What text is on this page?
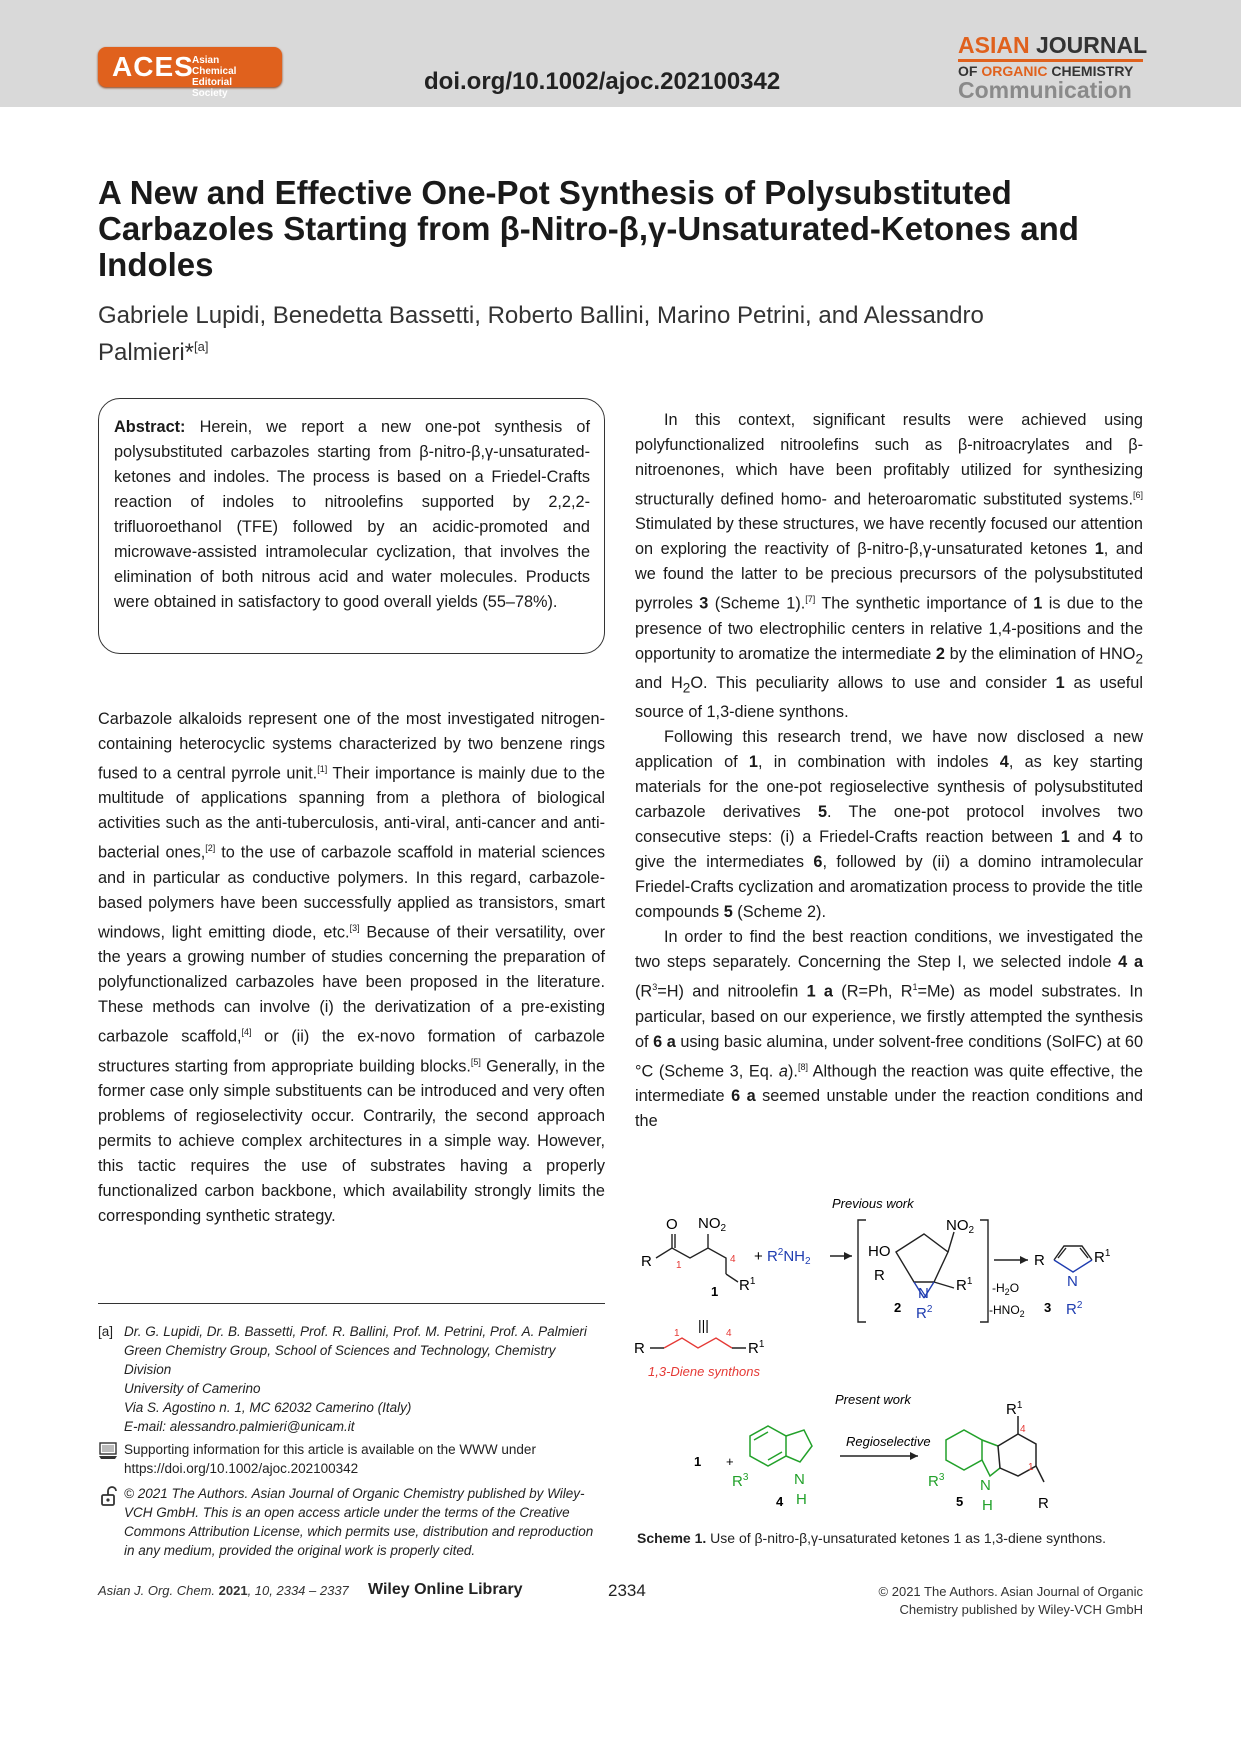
ACES
Asian Chemical Editorial Society	doi.org/10.1002/ajoc.202100342
ASIAN JOURNAL
OF ORGANIC CHEMISTRY
Communication
A New and Effective One-Pot Synthesis of Polysubstituted Carbazoles Starting from β-Nitro-β,γ-Unsaturated-Ketones and Indoles
Gabriele Lupidi, Benedetta Bassetti, Roberto Ballini, Marino Petrini, and Alessandro Palmieri*[a]

Abstract: Herein, we report a new one-pot synthesis of polysubstituted carbazoles starting from β-nitro-β,γ-unsaturated-ketones and indoles. The process is based on a Friedel-Crafts reaction of indoles to nitroolefins supported by 2,2,2-trifluoroethanol (TFE) followed by an acidic-promoted and microwave-assisted intramolecular cyclization, that involves the elimination of both nitrous acid and water molecules. Products were obtained in satisfactory to good overall yields (55–78%).

Carbazole alkaloids represent one of the most investigated nitrogen-containing heterocyclic systems characterized by two benzene rings fused to a central pyrrole unit.[1] Their importance is mainly due to the multitude of applications spanning from a plethora of biological activities such as the anti-tuberculosis, anti-viral, anti-cancer and anti-bacterial ones,[2] to the use of carbazole scaffold in material sciences and in particular as conductive polymers. In this regard, carbazole-based polymers have been successfully applied as transistors, smart windows, light emitting diode, etc.[3] Because of their versatility, over the years a growing number of studies concerning the preparation of polyfunctionalized carbazoles have been proposed in the literature. These methods can involve (i) the derivatization of a pre-existing carbazole scaffold,[4] or (ii) the ex-novo formation of carbazole structures starting from appropriate building blocks.[5] Generally, in the former case only simple substituents can be introduced and very often problems of regioselectivity occur. Contrarily, the second approach permits to achieve complex architectures in a simple way. However, this tactic requires the use of substrates having a properly functionalized carbon backbone, which availability strongly limits the corresponding synthetic strategy.

In this context, significant results were achieved using polyfunctionalized nitroolefins such as β-nitroacrylates and β-nitroenones, which have been profitably utilized for synthesizing structurally defined homo- and heteroaromatic substituted systems.[6] Stimulated by these structures, we have recently focused our attention on exploring the reactivity of β-nitro-β,γ-unsaturated ketones 1, and we found the latter to be precious precursors of the polysubstituted pyrroles 3 (Scheme 1).[7] The synthetic importance of 1 is due to the presence of two electrophilic centers in relative 1,4-positions and the opportunity to aromatize the intermediate 2 by the elimination of $HNO_2$ and $H_2O$. This peculiarity allows to use and consider 1 as useful source of 1,3-diene synthons.

Following this research trend, we have now disclosed a new application of 1, in combination with indoles 4, as key starting materials for the one-pot regioselective synthesis of polysubstituted carbazole derivatives 5. The one-pot protocol involves two consecutive steps: (i) a Friedel-Crafts reaction between 1 and 4 to give the intermediates 6, followed by (ii) a domino intramolecular Friedel-Crafts cyclization and aromatization process to provide the title compounds 5 (Scheme 2).

In order to find the best reaction conditions, we investigated the two steps separately. Concerning the Step I, we selected indole 4 a $(R^3=H)$ and nitroolefin 1 a (R=Ph, $R^1=Me$) as model substrates. In particular, based on our experience, we firstly attempted the synthesis of 6 a using basic alumina, under solvent-free conditions (SolFC) at 60 °C (Scheme 3, Eq. a).[8] Although the reaction was quite effective, the intermediate 6 a seemed unstable under the reaction conditions and the

[a] Dr. G. Lupidi, Dr. B. Bassetti, Prof. R. Ballini, Prof. M. Petrini, Prof. A. Palmieri
Green Chemistry Group, School of Sciences and Technology, Chemistry Division
University of Camerino
Via S. Agostino n. 1, MC 62032 Camerino (Italy)
E-mail: alessandro.palmieri@unicam.it
Supporting information for this article is available on the WWW under https://doi.org/10.1002/ajoc.202100342
© 2021 The Authors. Asian Journal of Organic Chemistry published by Wiley-VCH GmbH. This is an open access article under the terms of the Creative Commons Attribution License, which permits use, distribution and reproduction in any medium, provided the original work is properly cited.
Previous work
O $NO_2$
R
$R^1$
1
4
1
+ $R^2NH_2$
$NO_2$
HO
R
N
$R^2$
$R^1$
2
$-H_2O$
$-HNO_2$
R	$R^1$
N
$R^2$
3
|||
R	$R^1$
1	4
1,3-Diene synthons
Present work
1 +
$R^3$	N
H
4
Regioselective
$R^1$
4
1
$R^3$ N
H	R
5
Scheme 1. Use of β-nitro-β,γ-unsaturated ketones 1 as 1,3-diene synthons.
Asian J. Org. Chem. 2021, 10, 2334 – 2337 Wiley Online Library	2334	© 2021 The Authors. Asian Journal of Organic Chemistry published by Wiley-VCH GmbH
